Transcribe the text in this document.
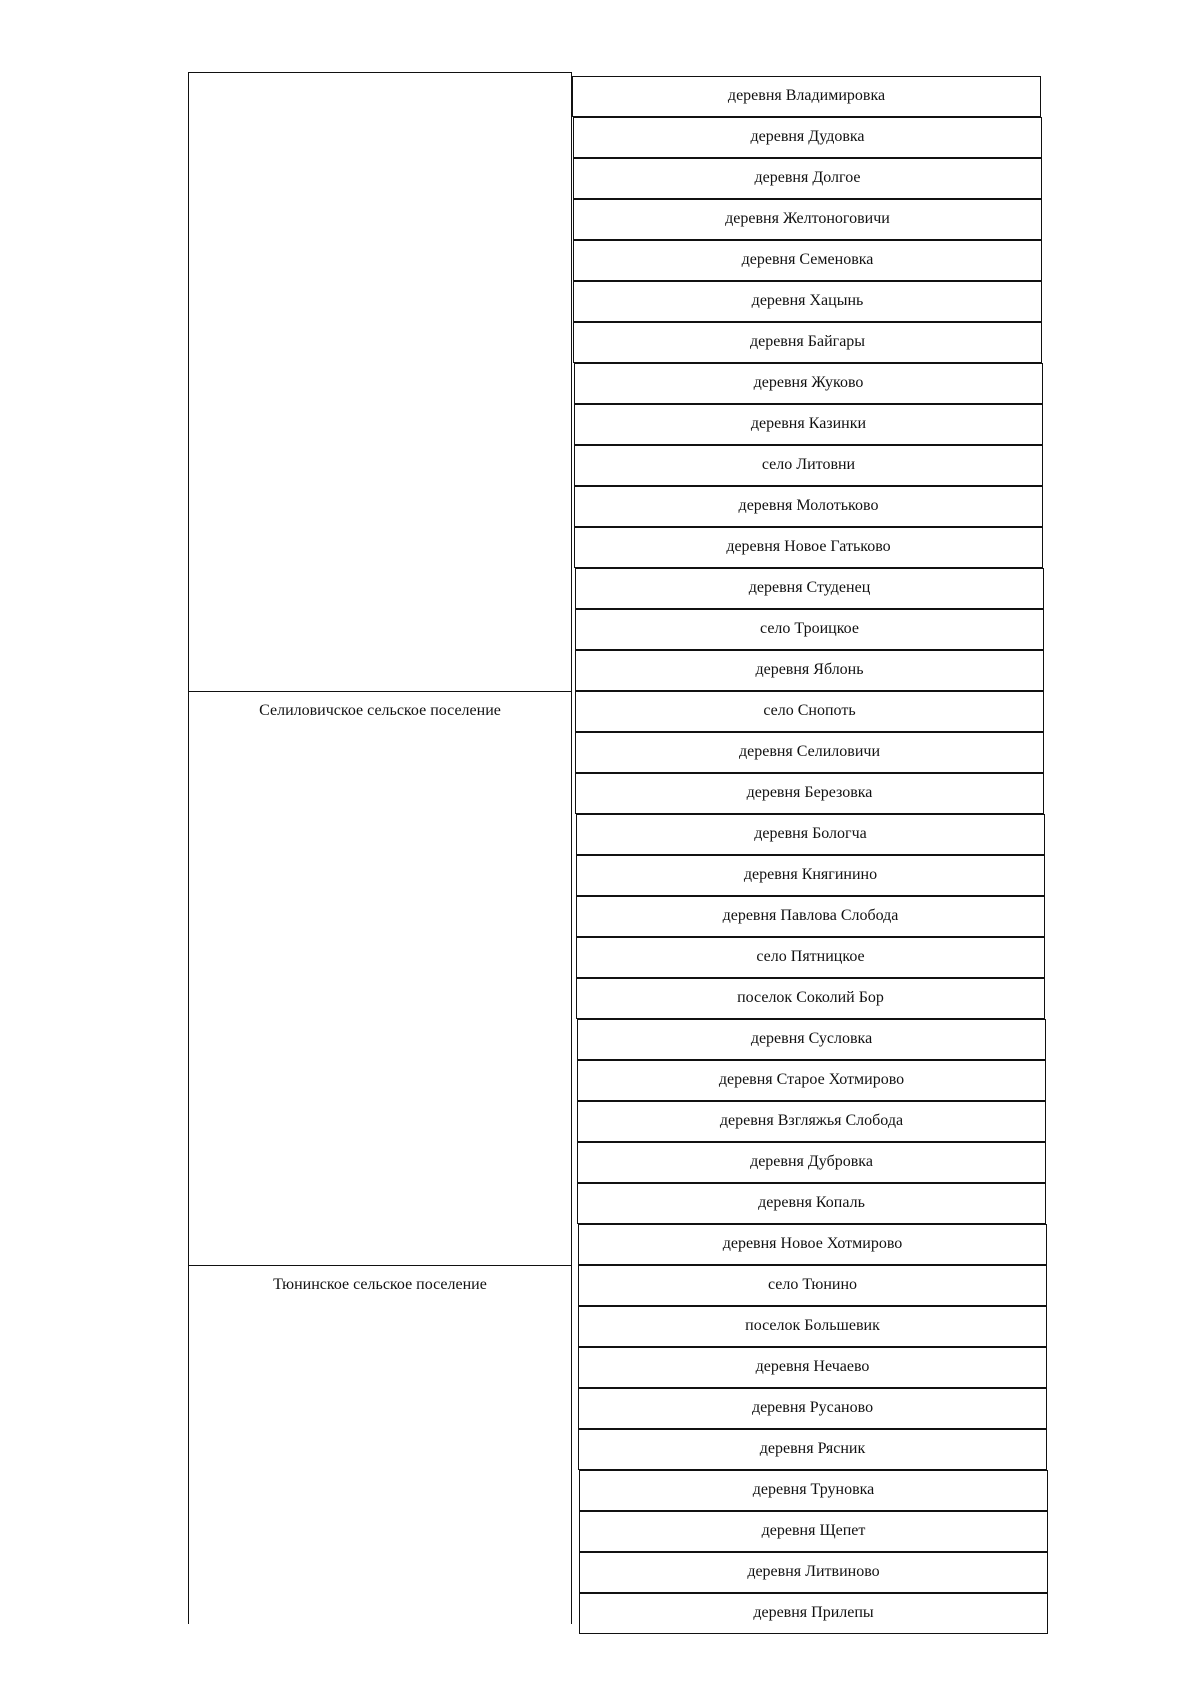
деревня Владимировка
деревня Дудовка
деревня Долгое
деревня Желтоноговичи
деревня Семеновка
деревня Хацынь
деревня Байгары
деревня Жуково
деревня Казинки
село Литовни
деревня Молотьково
деревня Новое Гатьково
деревня Студенец
село Троицкое
деревня Яблонь
Селиловичское сельское поселение	село Снопоть
деревня Селиловичи
деревня Березовка
деревня Бологча
деревня Княгинино
деревня Павлова Слобода
село Пятницкое
поселок Соколий Бор
деревня Сусловка
деревня Старое Хотмирово
деревня Взгляжья Слобода
деревня Дубровка
деревня Копаль
деревня Новое Хотмирово
Тюнинское сельское поселение	село Тюнино
поселок Большевик
деревня Нечаево
деревня Русаново
деревня Рясник
деревня Труновка
деревня Щепет
деревня Литвиново
деревня Прилепы
